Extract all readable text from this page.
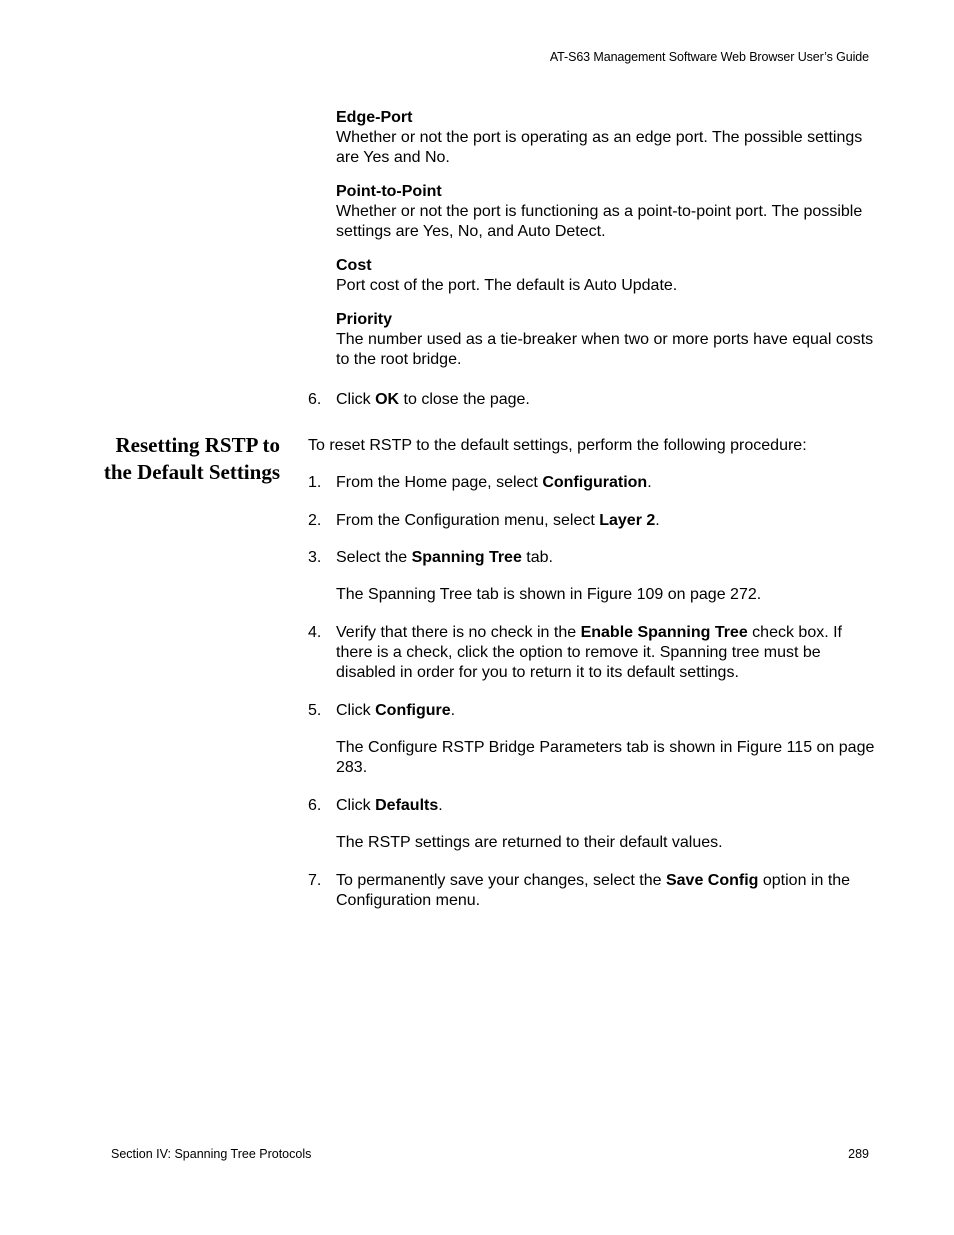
AT-S63 Management Software Web Browser User’s Guide
Edge-Port
Whether or not the port is operating as an edge port. The possible settings are Yes and No.
Point-to-Point
Whether or not the port is functioning as a point-to-point port. The possible settings are Yes, No, and Auto Detect.
Cost
Port cost of the port. The default is Auto Update.
Priority
The number used as a tie-breaker when two or more ports have equal costs to the root bridge.
6. Click OK to close the page.
Resetting RSTP to the Default Settings
To reset RSTP to the default settings, perform the following procedure:
1. From the Home page, select Configuration.
2. From the Configuration menu, select Layer 2.
3. Select the Spanning Tree tab.
The Spanning Tree tab is shown in Figure 109 on page 272.
4. Verify that there is no check in the Enable Spanning Tree check box. If there is a check, click the option to remove it. Spanning tree must be disabled in order for you to return it to its default settings.
5. Click Configure.
The Configure RSTP Bridge Parameters tab is shown in Figure 115 on page 283.
6. Click Defaults.
The RSTP settings are returned to their default values.
7. To permanently save your changes, select the Save Config option in the Configuration menu.
Section IV: Spanning Tree Protocols	289
